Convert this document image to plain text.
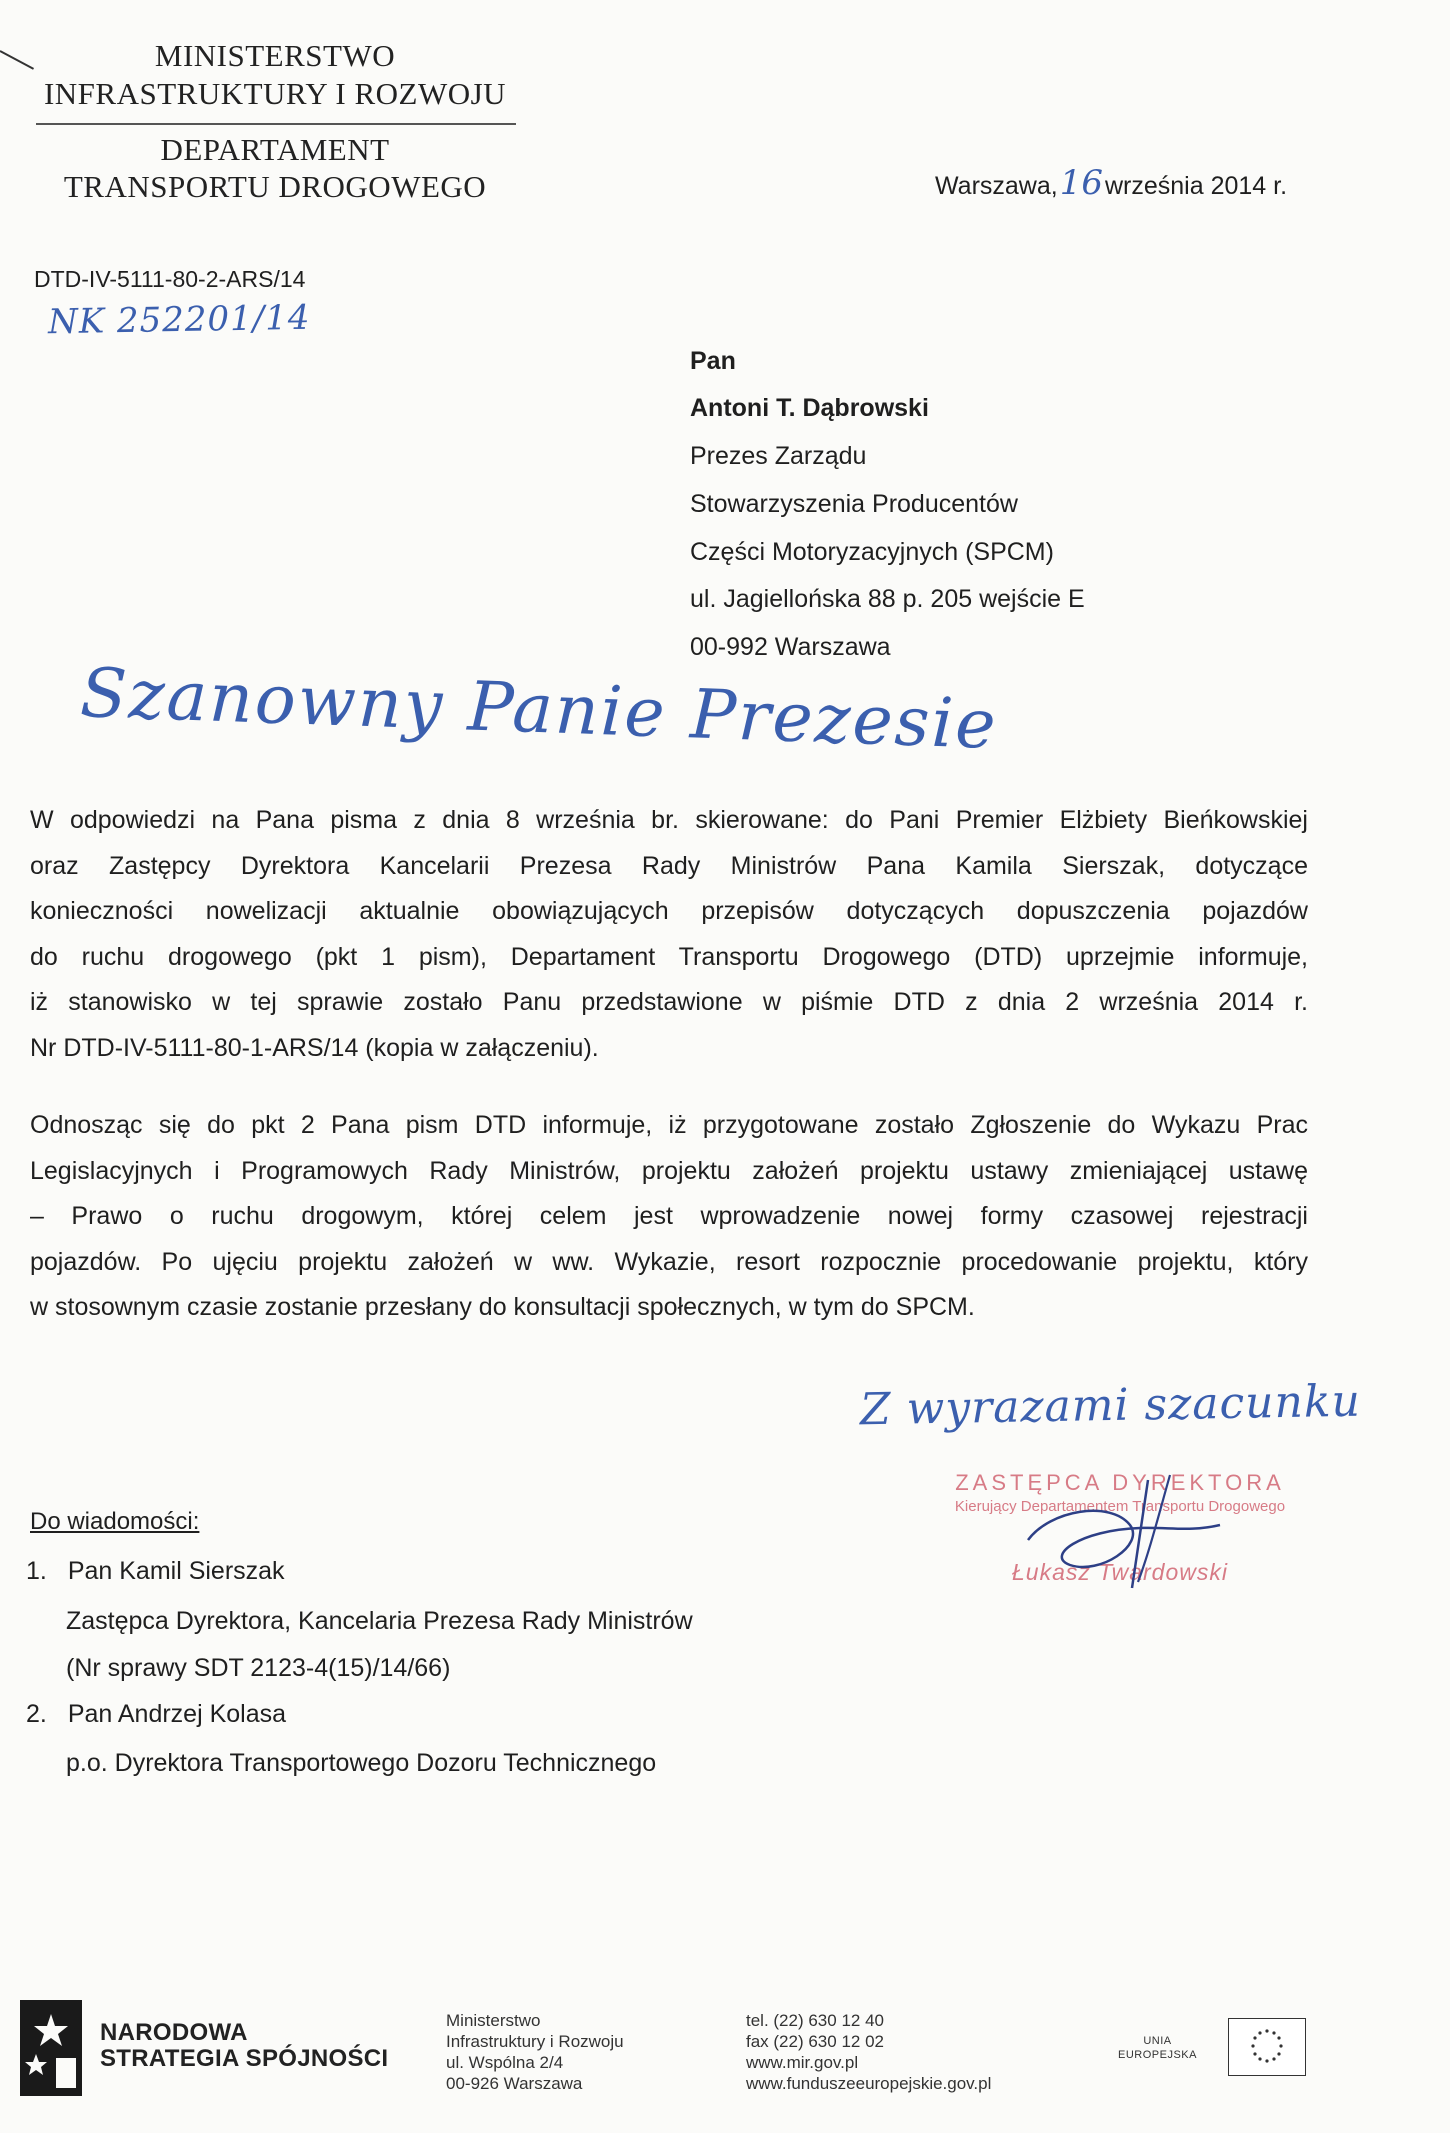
MINISTERSTWO
INFRASTRUKTURY I ROZWOJU
DEPARTAMENT
TRANSPORTU DROGOWEGO	Warszawa,16września 2014 r.
DTD-IV-5111-80-2-ARS/14
NK 252201/14
Pan
Antoni T. Dąbrowski
Prezes Zarządu
Stowarzyszenia Producentów
Części Motoryzacyjnych (SPCM)
ul. Jagiellońska 88 p. 205 wejście E
00-992 Warszawa
Szanowny Panie Prezesie
W odpowiedzi na Pana pisma z dnia 8 września br. skierowane: do Pani Premier Elżbiety Bieńkowskiej
oraz Zastępcy Dyrektora Kancelarii Prezesa Rady Ministrów Pana Kamila Sierszak, dotyczące
konieczności nowelizacji aktualnie obowiązujących przepisów dotyczących dopuszczenia pojazdów
do ruchu drogowego (pkt 1 pism), Departament Transportu Drogowego (DTD) uprzejmie informuje,
iż stanowisko w tej sprawie zostało Panu przedstawione w piśmie DTD z dnia 2 września 2014 r.
Nr DTD-IV-5111-80-1-ARS/14 (kopia w załączeniu).
Odnosząc się do pkt 2 Pana pism DTD informuje, iż przygotowane zostało Zgłoszenie do Wykazu Prac
Legislacyjnych i Programowych Rady Ministrów, projektu założeń projektu ustawy zmieniającej ustawę
– Prawo o ruchu drogowym, której celem jest wprowadzenie nowej formy czasowej rejestracji
pojazdów. Po ujęciu projektu założeń w ww. Wykazie, resort rozpocznie procedowanie projektu, który
w stosownym czasie zostanie przesłany do konsultacji społecznych, w tym do SPCM.
Z wyrazami szacunku
ZASTĘPCA DYREKTORA
Kierujący Departamentem Transportu Drogowego
Łukasz Twardowski
Do wiadomości:
1. Pan Kamil Sierszak
Zastępca Dyrektora, Kancelaria Prezesa Rady Ministrów
(Nr sprawy SDT 2123-4(15)/14/66)
2. Pan Andrzej Kolasa
p.o. Dyrektora Transportowego Dozoru Technicznego
NARODOWA
STRATEGIA SPÓJNOŚCI
Ministerstwo
Infrastruktury i Rozwoju
ul. Wspólna 2/4
00-926 Warszawa
tel. (22) 630 12 40
fax (22) 630 12 02
www.mir.gov.pl
www.funduszeeuropejskie.gov.pl
UNIA
EUROPEJSKA
